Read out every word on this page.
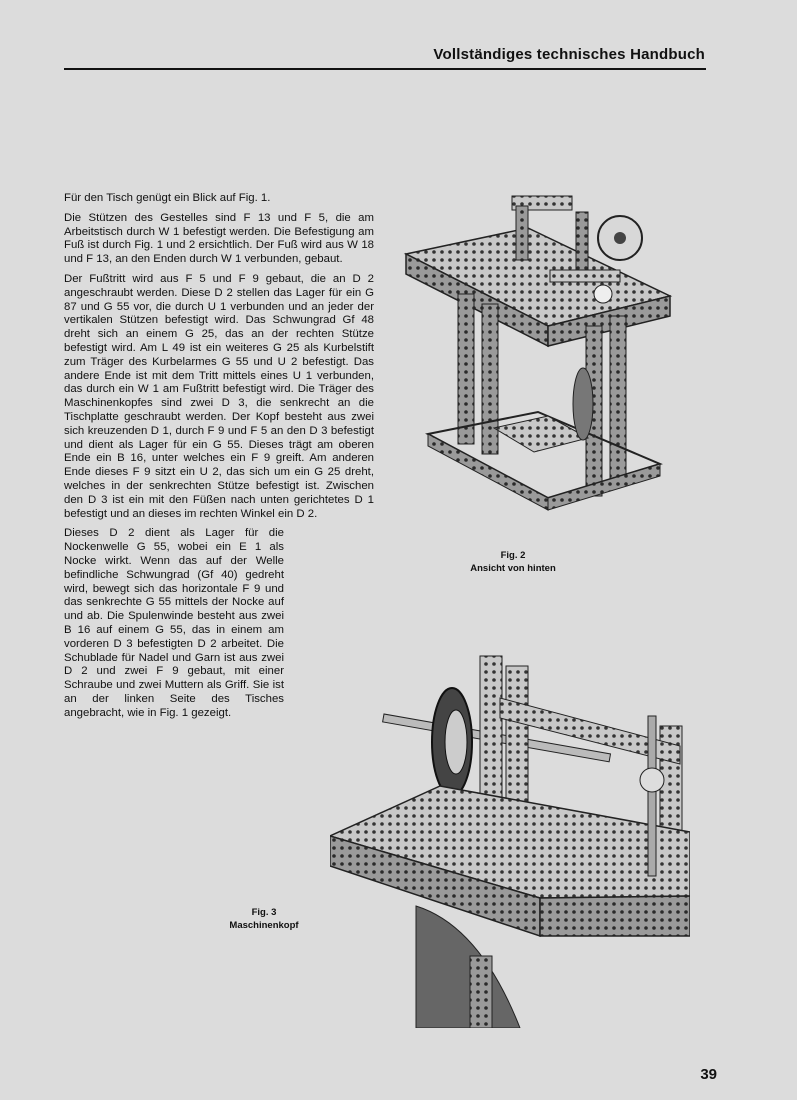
Vollständiges technisches Handbuch

Für den Tisch genügt ein Blick auf Fig. 1.

Die Stützen des Gestelles sind F 13 und F 5, die am Arbeitstisch durch W 1 befestigt werden. Die Befestigung am Fuß ist durch Fig. 1 und 2 ersichtlich. Der Fuß wird aus W 18 und F 13, an den Enden durch W 1 verbunden, gebaut.

Der Fußtritt wird aus F 5 und F 9 gebaut, die an D 2 angeschraubt werden. Diese D 2 stellen das Lager für ein G 87 und G 55 vor, die durch U 1 verbunden und an jeder der vertikalen Stützen befestigt wird. Das Schwungrad Gf 48 dreht sich an einem G 25, das an der rechten Stütze befestigt wird. Am L 49 ist ein weiteres G 25 als Kurbelstift zum Träger des Kurbelarmes G 55 und U 2 befestigt. Das andere Ende ist mit dem Tritt mittels eines U 1 verbunden, das durch ein W 1 am Fußtritt befestigt wird. Die Träger des Maschinenkopfes sind zwei D 3, die senkrecht an die Tischplatte geschraubt werden. Der Kopf besteht aus zwei sich kreuzenden D 1, durch F 9 und F 5 an den D 3 befestigt und dient als Lager für ein G 55. Dieses trägt am oberen Ende ein B 16, unter welches ein F 9 greift. Am anderen Ende dieses F 9 sitzt ein U 2, das sich um ein G 25 dreht, welches in der senkrechten Stütze befestigt ist. Zwischen den D 3 ist ein mit den Füßen nach unten gerichtetes D 1 befestigt und an dieses im rechten Winkel ein D 2.

Dieses D 2 dient als Lager für die Nockenwelle G 55, wobei ein E 1 als Nocke wirkt. Wenn das auf der Welle befindliche Schwungrad (Gf 40) gedreht wird, bewegt sich das horizontale F 9 und das senkrechte G 55 mittels der Nocke auf und ab. Die Spulenwinde besteht aus zwei B 16 auf einem G 55, das in einem am vorderen D 3 befestigten D 2 arbeitet. Die Schublade für Nadel und Garn ist aus zwei D 2 und zwei F 9 gebaut, mit einer Schraube und zwei Muttern als Griff. Sie ist an der linken Seite des Tisches angebracht, wie in Fig. 1 gezeigt.

Fig. 2
Ansicht von hinten
Fig. 3
Maschinenkopf
39
